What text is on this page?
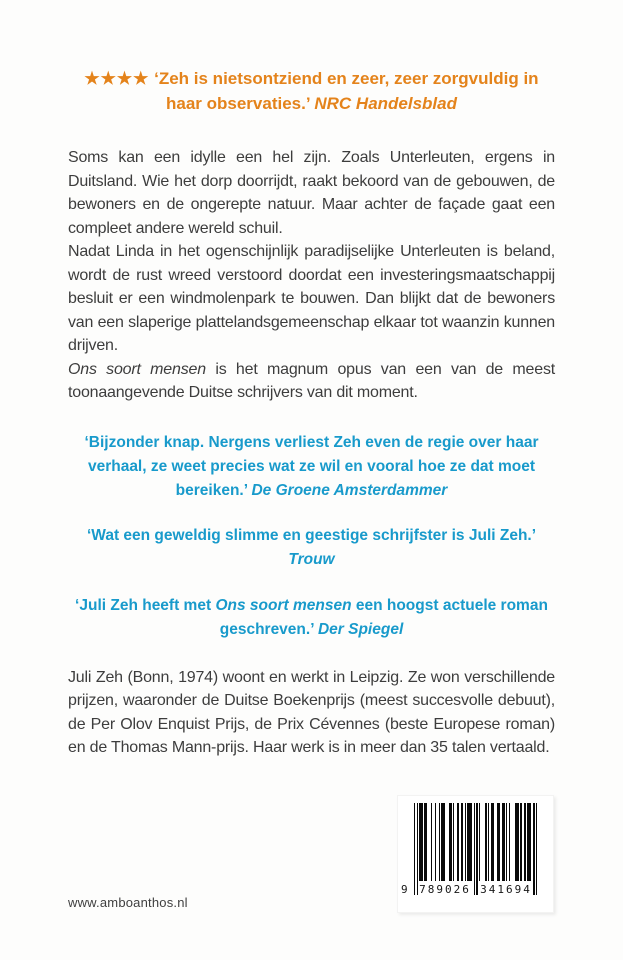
★★★★ ‘Zeh is nietsontziend en zeer, zeer zorgvuldig in haar observaties.’ NRC Handelsblad

Soms kan een idylle een hel zijn. Zoals Unterleuten, ergens in Duitsland. Wie het dorp doorrijdt, raakt bekoord van de gebouwen, de bewoners en de ongerepte natuur. Maar achter de façade gaat een compleet andere wereld schuil.

Nadat Linda in het ogenschijnlijk paradijselijke Unterleuten is beland, wordt de rust wreed verstoord doordat een investeringsmaatschappij besluit er een windmolenpark te bouwen. Dan blijkt dat de bewoners van een slaperige plattelandsgemeenschap elkaar tot waanzin kunnen drijven.

Ons soort mensen is het magnum opus van een van de meest toonaangevende Duitse schrijvers van dit moment.

‘Bijzonder knap. Nergens verliest Zeh even de regie over haar verhaal, ze weet precies wat ze wil en vooral hoe ze dat moet bereiken.’ De Groene Amsterdammer

‘Wat een geweldig slimme en geestige schrijfster is Juli Zeh.’
Trouw

‘Juli Zeh heeft met Ons soort mensen een hoogst actuele roman geschreven.’ Der Spiegel

Juli Zeh (Bonn, 1974) woont en werkt in Leipzig. Ze won verschillende prijzen, waaronder de Duitse Boekenprijs (meest succesvolle debuut), de Per Olov Enquist Prijs, de Prix Cévennes (beste Europese roman) en de Thomas Mann-prijs. Haar werk is in meer dan 35 talen vertaald.

www.amboanthos.nl
9 789026 341694
